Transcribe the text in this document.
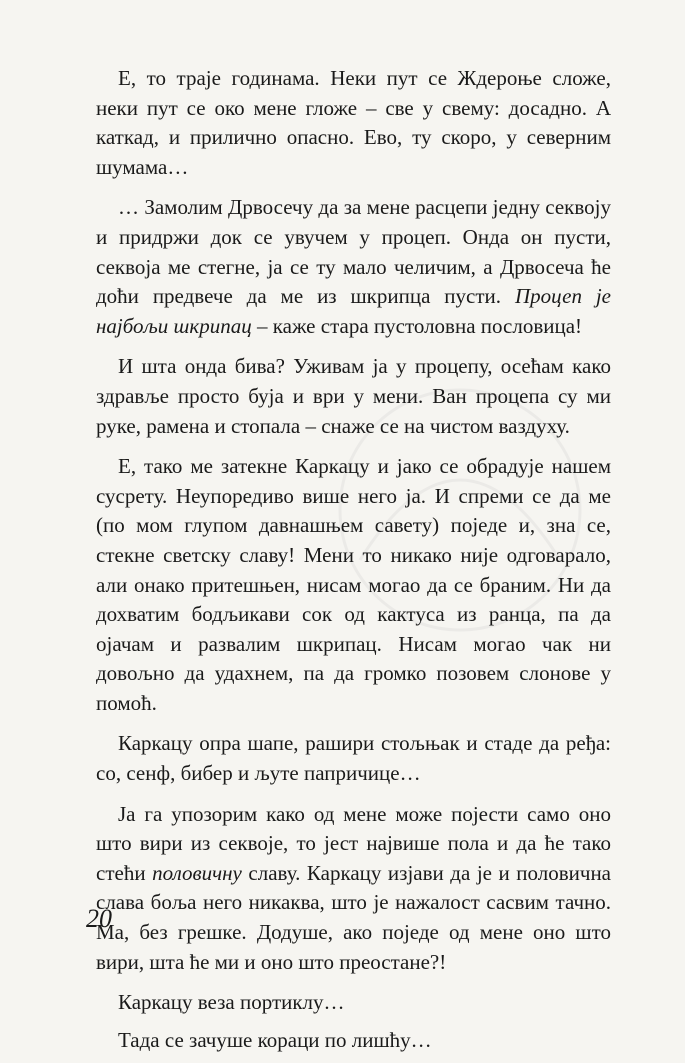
Е, то траје годинама. Неки пут се Ждероње сложе, неки пут се око мене гложе – све у свему: досадно. А каткад, и прилично опасно. Ево, ту скоро, у северним шумама…

… Замолим Дрвосечу да за мене расцепи једну секвоју и придржи док се увучем у процеп. Онда он пусти, секвоја ме стегне, ја се ту мало челичим, а Дрвосеча ће доћи предвече да ме из шкрипца пусти. Процеп је најбољи шкрипац – каже стара пустоловна пословица!

И шта онда бива? Уживам ја у процепу, осећам како здравље просто бујa и ври у мени. Ван процепа су ми руке, рамена и стопала – снаже се на чистом ваздуху.

Е, тако ме затекне Каркацу и јако се обрадује нашем сусрету. Неупоредиво више него ја. И спреми се да ме (по мом глупом давнашњем савету) поједе и, зна се, стекне светску славу! Мени то никако није одговарало, али онако притешњен, нисам могао да се браним. Ни да дохватим бодљикави сок од кактуса из ранца, па да ојачам и развалим шкрипац. Нисам могао чак ни довољно да удахнем, па да громко позовем слонове у помоћ.

Каркацу опра шапе, рашири стољњак и стаде да ређа: со, сенф, бибер и љуте папричице…

Ја га упозорим како од мене може појести само оно што вири из секвоје, то јест највише пола и да ће тако стећи половичну славу. Каркацу изјави да је и половична слава боља него никаква, што је нажалост сасвим тачно. Ма, без грешке. Додуше, ако поједе од мене оно што вири, шта ће ми и оно што преостане?!

Каркацу веза портиклу…

Тада се зачуше кораци по лишћу…

20
